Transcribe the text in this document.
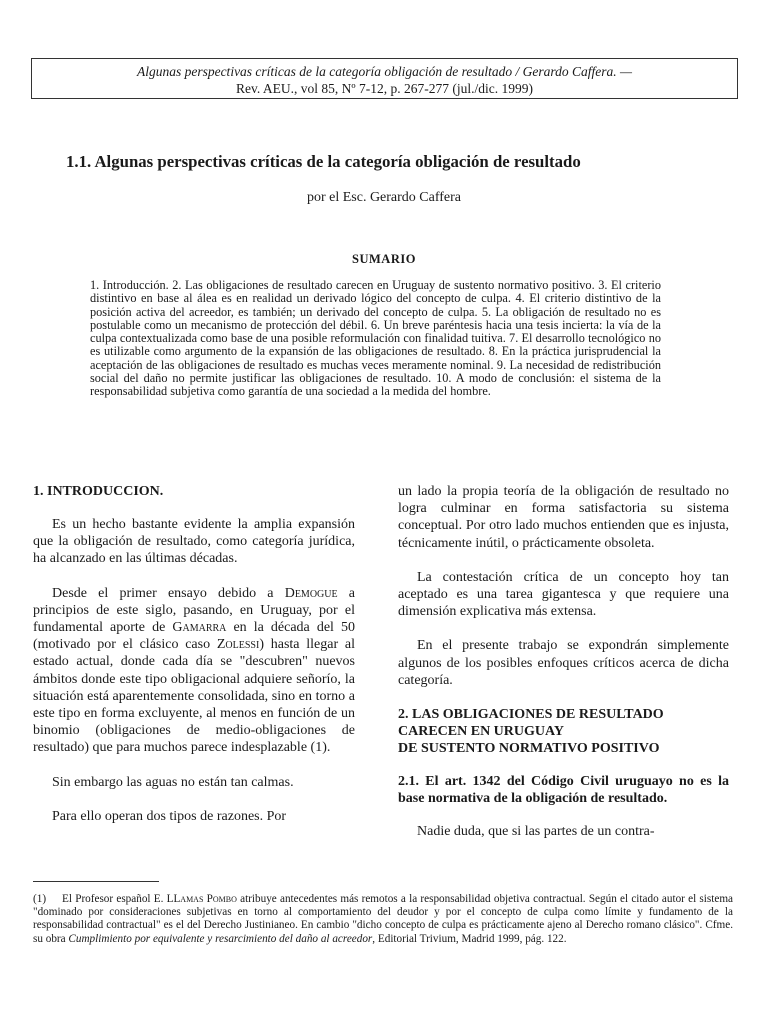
Algunas perspectivas críticas de la categoría obligación de resultado / Gerardo Caffera. —
Rev. AEU., vol 85, Nº 7-12, p. 267-277 (jul./dic. 1999)
1.1. Algunas perspectivas críticas de la categoría obligación de resultado
por el Esc. Gerardo Caffera
SUMARIO
1. Introducción. 2. Las obligaciones de resultado carecen en Uruguay de sustento normativo positivo. 3. El criterio distintivo en base al álea es en realidad un derivado lógico del concepto de culpa. 4. El criterio distintivo de la posición activa del acreedor, es también; un derivado del concepto de culpa. 5. La obligación de resultado no es postulable como un mecanismo de protección del débil. 6. Un breve paréntesis hacia una tesis incierta: la vía de la culpa contextualizada como base de una posible reformulación con finalidad tuitiva. 7. El desarrollo tecnológico no es utilizable como argumento de la expansión de las obligaciones de resultado. 8. En la práctica jurisprudencial la aceptación de las obligaciones de resultado es muchas veces meramente nominal. 9. La necesidad de redistribución social del daño no permite justificar las obligaciones de resultado. 10. A modo de conclusión: el sistema de la responsabilidad subjetiva como garantía de una sociedad a la medida del hombre.
1. INTRODUCCION.

Es un hecho bastante evidente la amplia expansión que la obligación de resultado, como categoría jurídica, ha alcanzado en las últimas décadas.

Desde el primer ensayo debido a Demogue a principios de este siglo, pasando, en Uruguay, por el fundamental aporte de Gamarra en la década del 50 (motivado por el clásico caso Zolessi) hasta llegar al estado actual, donde cada día se "descubren" nuevos ámbitos donde este tipo obligacional adquiere señorío, la situación está aparentemente consolidada, sino en torno a este tipo en forma excluyente, al menos en función de un binomio (obligaciones de medio-obligaciones de resultado) que para muchos parece indesplazable (1).

Sin embargo las aguas no están tan calmas.

Para ello operan dos tipos de razones. Por

un lado la propia teoría de la obligación de resultado no logra culminar en forma satisfactoria su sistema conceptual. Por otro lado muchos entienden que es injusta, técnicamente inútil, o prácticamente obsoleta.

La contestación crítica de un concepto hoy tan aceptado es una tarea gigantesca y que requiere una dimensión explicativa más extensa.

En el presente trabajo se expondrán simplemente algunos de los posibles enfoques críticos acerca de dicha categoría.

2. LAS OBLIGACIONES DE RESULTADO
CARECEN EN URUGUAY
DE SUSTENTO NORMATIVO POSITIVO
2.1. El art. 1342 del Código Civil uruguayo no es la base normativa de la obligación de resultado.

Nadie duda, que si las partes de un contra-

(1) El Profesor español E. LLamas Pombo atribuye antecedentes más remotos a la responsabilidad objetiva contractual. Según el citado autor el sistema "dominado por consideraciones subjetivas en torno al comportamiento del deudor y por el concepto de culpa como límite y fundamento de la responsabilidad contractual" es el del Derecho Justinianeo. En cambio "dicho concepto de culpa es prácticamente ajeno al Derecho romano clásico". Cfme. su obra Cumplimiento por equivalente y resarcimiento del daño al acreedor, Editorial Trivium, Madrid 1999, pág. 122.
